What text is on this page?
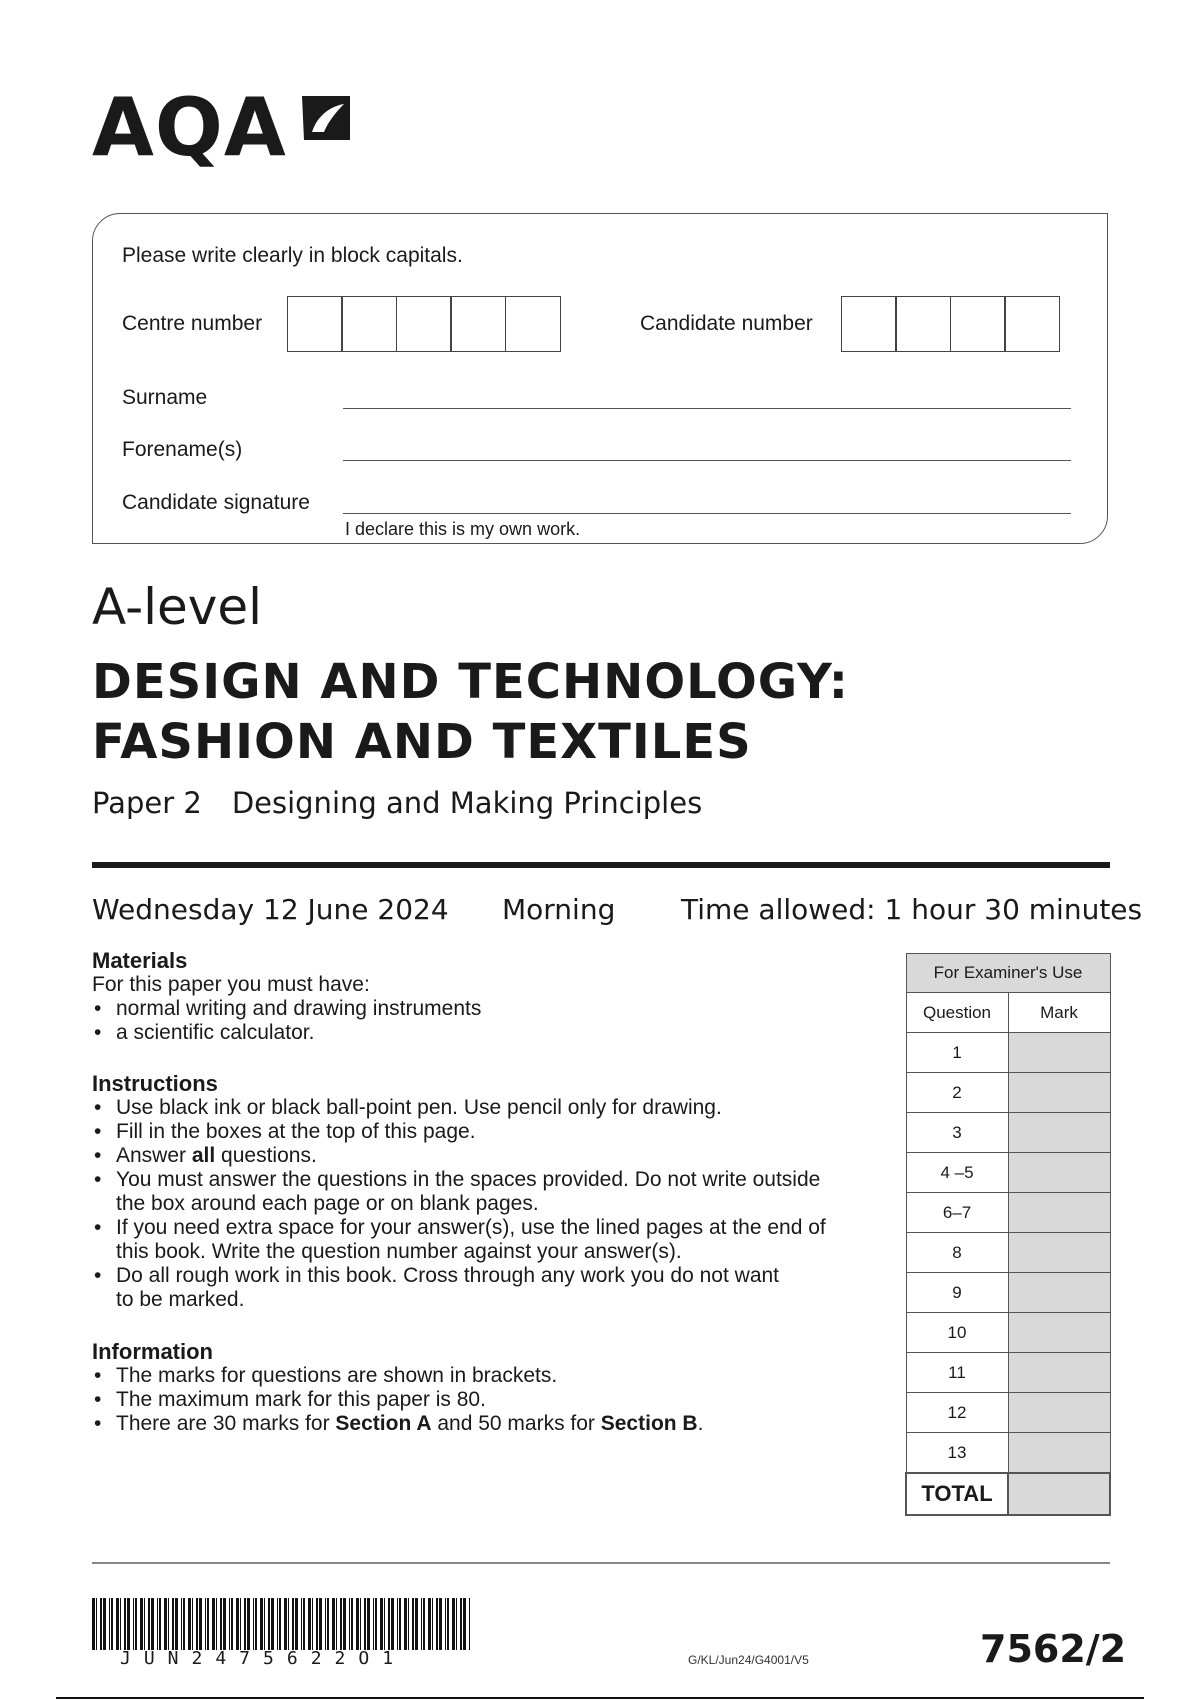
AQA
Please write clearly in block capitals.
Centre number	Candidate number
Surname
Forename(s)
Candidate signature
I declare this is my own work.
A-level
DESIGN AND TECHNOLOGY:
FASHION AND TEXTILES
Paper 2 Designing and Making Principles
Wednesday 12 June 2024 Morning Time allowed: 1 hour 30 minutes
Materials

For this paper you must have:

• normal writing and drawing instruments
• a scientific calculator.
Instructions
• Use black ink or black ball-point pen. Use pencil only for drawing.
• Fill in the boxes at the top of this page.
• Answer all questions.
• You must answer the questions in the spaces provided. Do not write outside
the box around each page or on blank pages.
• If you need extra space for your answer(s), use the lined pages at the end of
this book. Write the question number against your answer(s).
• Do all rough work in this book. Cross through any work you do not want
to be marked.
Information
• The marks for questions are shown in brackets.
• The maximum mark for this paper is 80.
• There are 30 marks for Section A and 50 marks for Section B.
For Examiner's Use	
Question	Mark
1	
2	
3	
4 –5	
6–7	
8	
9	
10	
11	
12	
13	
TOTAL	
JUN2475622O1	G/KL/Jun24/G4001/V5	7562/2
